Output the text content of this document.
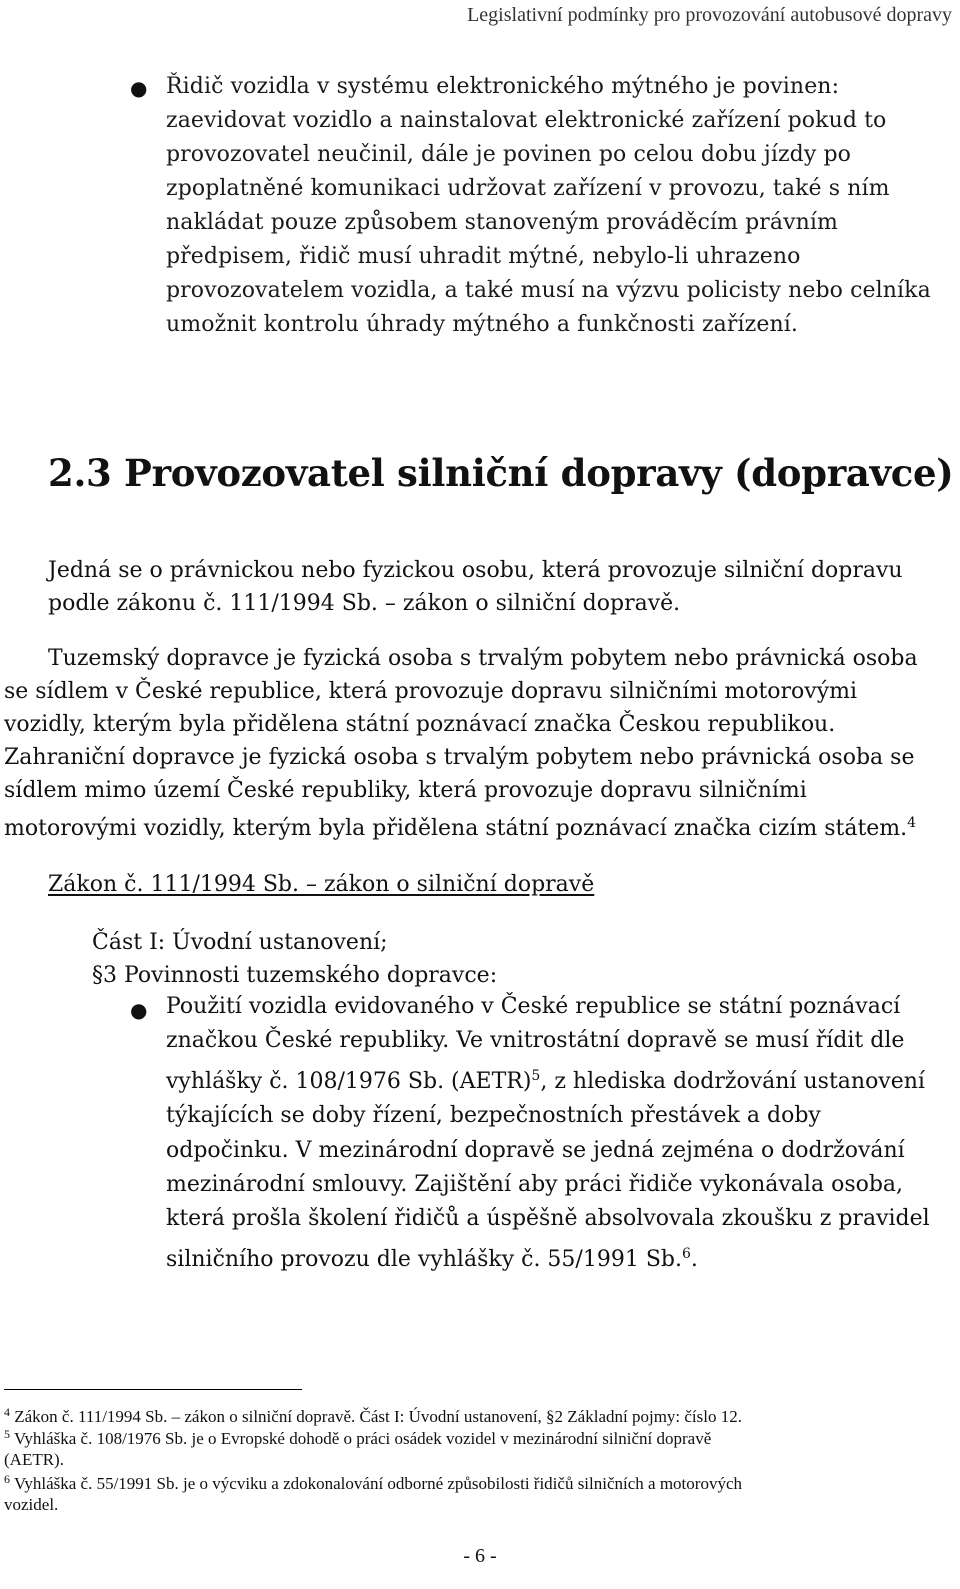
Legislativní podmínky pro provozování autobusové dopravy
● Řidič vozidla v systému elektronického mýtného je povinen:
zaevidovat vozidlo a nainstalovat elektronické zařízení pokud to
provozovatel neučinil, dále je povinen po celou dobu jízdy po
zpoplatněné komunikaci udržovat zařízení v provozu, také s ním
nakládat pouze způsobem stanoveným prováděcím právním
předpisem, řidič musí uhradit mýtné, nebylo-li uhrazeno
provozovatelem vozidla, a také musí na výzvu policisty nebo celníka
umožnit kontrolu úhrady mýtného a funkčnosti zařízení.
2.3 Provozovatel silniční dopravy (dopravce)
Jedná se o právnickou nebo fyzickou osobu, která provozuje silniční dopravu
podle zákonu č. 111/1994 Sb. – zákon o silniční dopravě.
Tuzemský dopravce je fyzická osoba s trvalým pobytem nebo právnická osoba
se sídlem v České republice, která provozuje dopravu silničními motorovými
vozidly, kterým byla přidělena státní poznávací značka Českou republikou.
Zahraniční dopravce je fyzická osoba s trvalým pobytem nebo právnická osoba se
sídlem mimo území České republiky, která provozuje dopravu silničními
motorovými vozidly, kterým byla přidělena státní poznávací značka cizím státem.$^4$
Zákon č. 111/1994 Sb. – zákon o silniční dopravě
Část I: Úvodní ustanovení;
§3 Povinnosti tuzemského dopravce:
● Použití vozidla evidovaného v České republice se státní poznávací
značkou České republiky. Ve vnitrostátní dopravě se musí řídit dle
vyhlášky č. 108/1976 Sb. (AETR)$^5$, z hlediska dodržování ustanovení
týkajících se doby řízení, bezpečnostních přestávek a doby
odpočinku. V mezinárodní dopravě se jedná zejména o dodržování
mezinárodní smlouvy. Zajištění aby práci řidiče vykonávala osoba,
která prošla školení řidičů a úspěšně absolvovala zkoušku z pravidel
silničního provozu dle vyhlášky č. 55/1991 Sb.$^6$.
$^4$ Zákon č. 111/1994 Sb. – zákon o silniční dopravě. Část I: Úvodní ustanovení, §2 Základní pojmy: číslo 12.
$^5$ Vyhláška č. 108/1976 Sb. je o Evropské dohodě o práci osádek vozidel v mezinárodní silniční dopravě
(AETR).
$^6$ Vyhláška č. 55/1991 Sb. je o výcviku a zdokonalování odborné způsobilosti řidičů silničních a motorových
vozidel.
- 6 -
